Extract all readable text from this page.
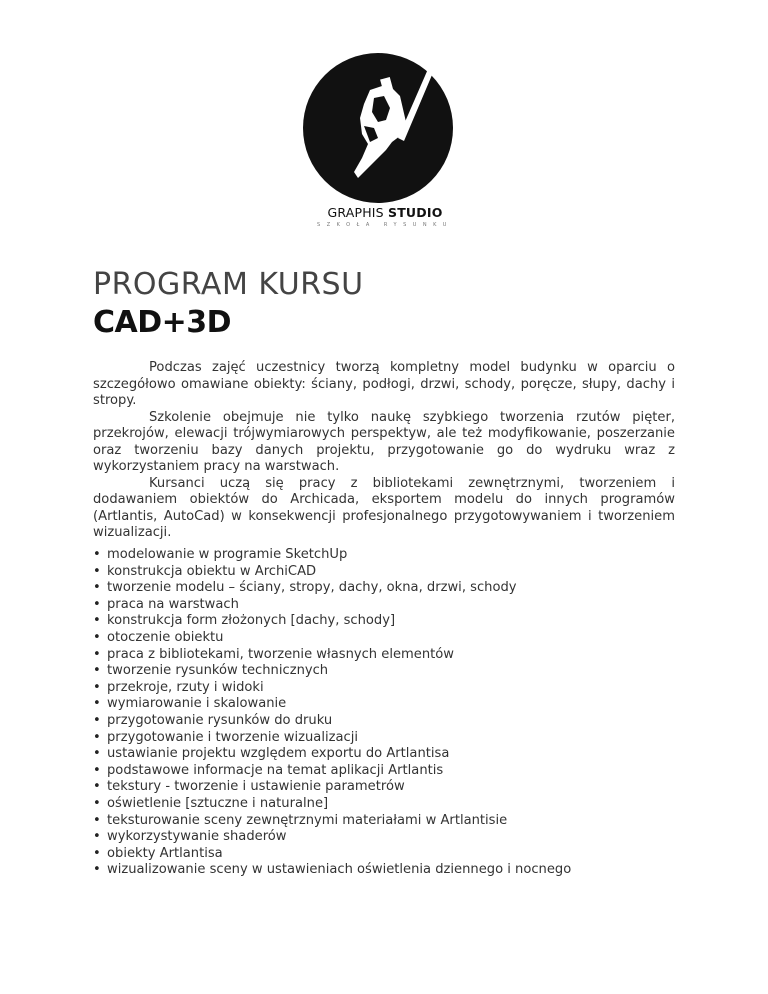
GRAPHIS STUDIO
SZKOŁA RYSUNKU
PROGRAM KURSU
CAD+3D

Podczas zajęć uczestnicy tworzą kompletny model budynku w oparciu o szczegółowo omawiane obiekty: ściany, podłogi, drzwi, schody, poręcze, słupy, dachy i stropy.

Szkolenie obejmuje nie tylko naukę szybkiego tworzenia rzutów pięter, przekrojów, elewacji trójwymiarowych perspektyw, ale też modyfikowanie, poszerzanie oraz tworzeniu bazy danych projektu, przygotowanie go do wydruku wraz z wykorzystaniem pracy na warstwach.

Kursanci uczą się pracy z bibliotekami zewnętrznymi, tworzeniem i dodawaniem obiektów do Archicada, eksportem modelu do innych programów (Artlantis, AutoCad) w konsekwencji profesjonalnego przygotowywaniem i tworzeniem wizualizacji.

• modelowanie w programie SketchUp
• konstrukcja obiektu w ArchiCAD
• tworzenie modelu – ściany, stropy, dachy, okna, drzwi, schody
• praca na warstwach
• konstrukcja form złożonych [dachy, schody]
• otoczenie obiektu
• praca z bibliotekami, tworzenie własnych elementów
• tworzenie rysunków technicznych
• przekroje, rzuty i widoki
• wymiarowanie i skalowanie
• przygotowanie rysunków do druku
• przygotowanie i tworzenie wizualizacji
• ustawianie projektu względem exportu do Artlantisa
• podstawowe informacje na temat aplikacji Artlantis
• tekstury - tworzenie i ustawienie parametrów
• oświetlenie [sztuczne i naturalne]
• teksturowanie sceny zewnętrznymi materiałami w Artlantisie
• wykorzystywanie shaderów
• obiekty Artlantisa
• wizualizowanie sceny w ustawieniach oświetlenia dziennego i nocnego
